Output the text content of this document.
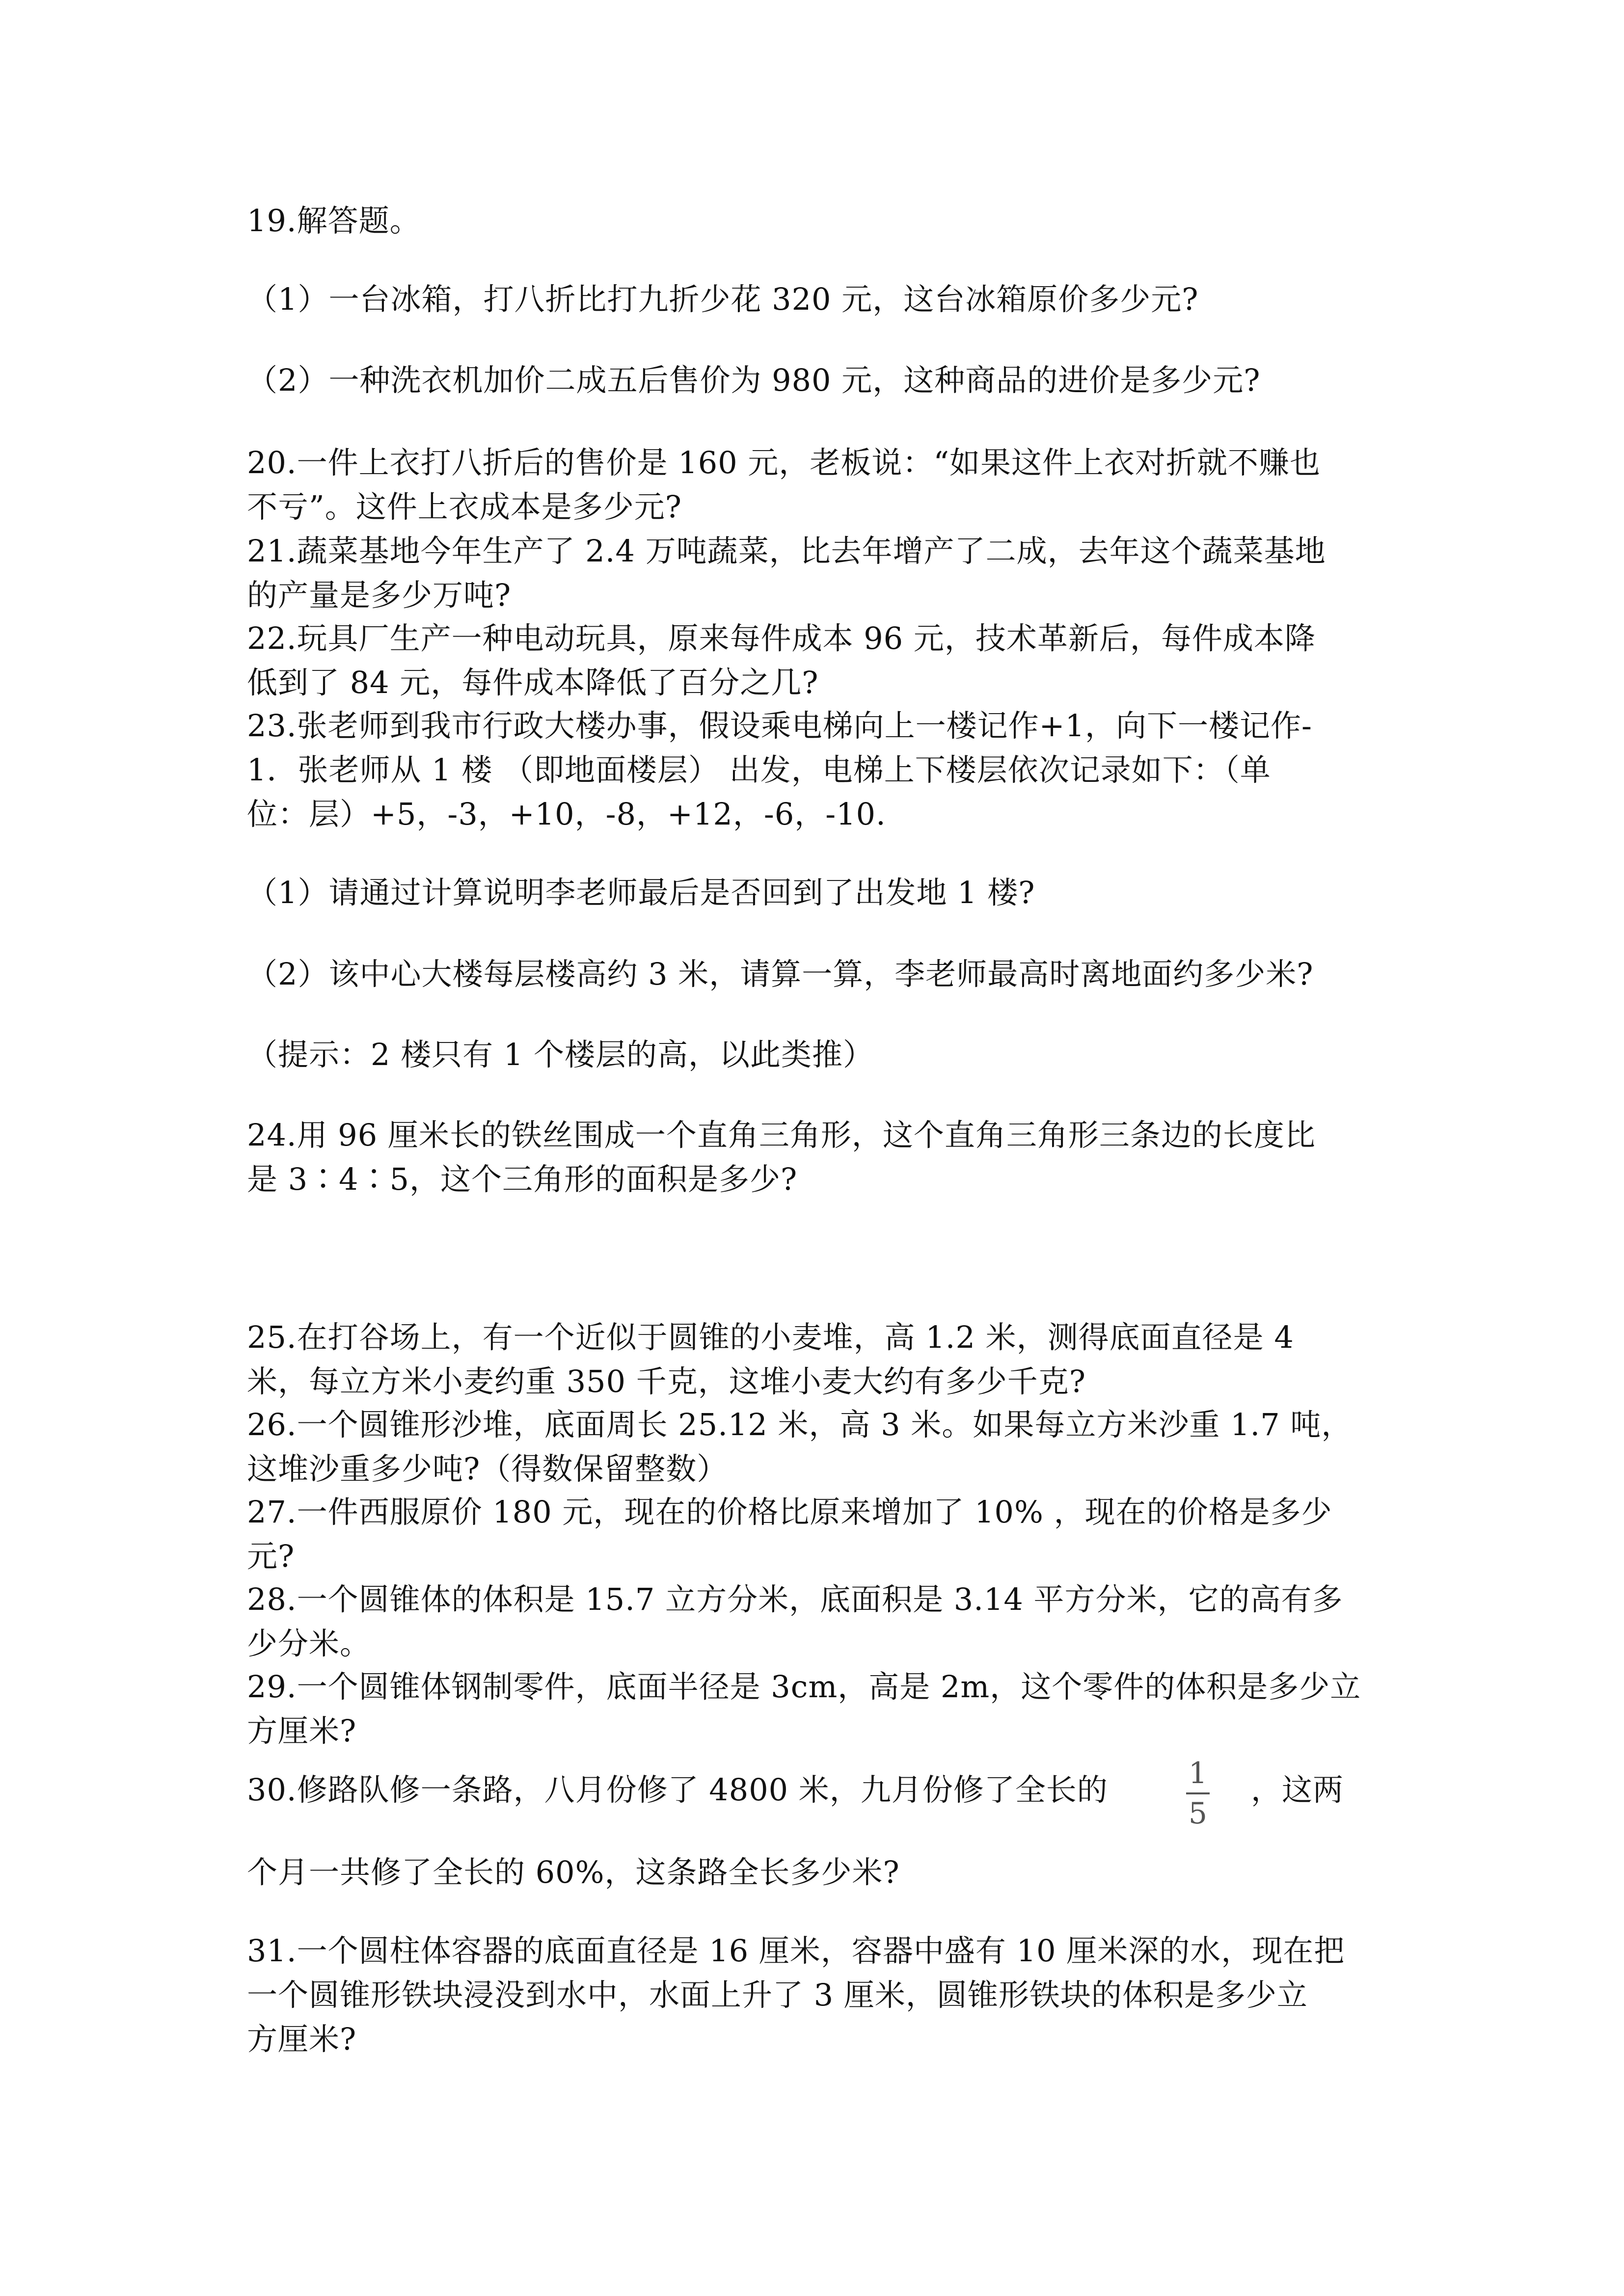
19.解答题。
（1）一台冰箱，打八折比打九折少花 320 元，这台冰箱原价多少元?
（2）一种洗衣机加价二成五后售价为 980 元，这种商品的进价是多少元?
20.一件上衣打八折后的售价是 160 元，老板说：“如果这件上衣对折就不赚也
不亏”。这件上衣成本是多少元?
21.蔬菜基地今年生产了 2.4 万吨蔬菜，比去年增产了二成，去年这个蔬菜基地
的产量是多少万吨?
22.玩具厂生产一种电动玩具，原来每件成本 96 元，技术革新后，每件成本降
低到了 84 元，每件成本降低了百分之几?
23.张老师到我市行政大楼办事，假设乘电梯向上一楼记作+1，向下一楼记作-
1．张老师从 1 楼 （即地面楼层） 出发，电梯上下楼层依次记录如下：（单
位：层）+5，-3，+10，-8，+12，-6，-10.
（1）请通过计算说明李老师最后是否回到了出发地 1 楼?
（2）该中心大楼每层楼高约 3 米，请算一算，李老师最高时离地面约多少米?
（提示：2 楼只有 1 个楼层的高，以此类推）
24.用 96 厘米长的铁丝围成一个直角三角形，这个直角三角形三条边的长度比
是 3∶4∶5，这个三角形的面积是多少?
25.在打谷场上，有一个近似于圆锥的小麦堆，高 1.2 米，测得底面直径是 4
米，每立方米小麦约重 350 千克，这堆小麦大约有多少千克?
26.一个圆锥形沙堆，底面周长 25.12 米，高 3 米。如果每立方米沙重 1.7 吨，
这堆沙重多少吨?（得数保留整数）
27.一件西服原价 180 元，现在的价格比原来增加了 10% ，现在的价格是多少
元?
28.一个圆锥体的体积是 15.7 立方分米，底面积是 3.14 平方分米，它的高有多
少分米。
29.一个圆锥体钢制零件，底面半径是 3cm，高是 2m，这个零件的体积是多少立
方厘米?
30.修路队修一条路，八月份修了 4800 米，九月份修了全长的	1
5
，这两
个月一共修了全长的 60%，这条路全长多少米?
31.一个圆柱体容器的底面直径是 16 厘米，容器中盛有 10 厘米深的水，现在把
一个圆锥形铁块浸没到水中，水面上升了 3 厘米，圆锥形铁块的体积是多少立
方厘米?
